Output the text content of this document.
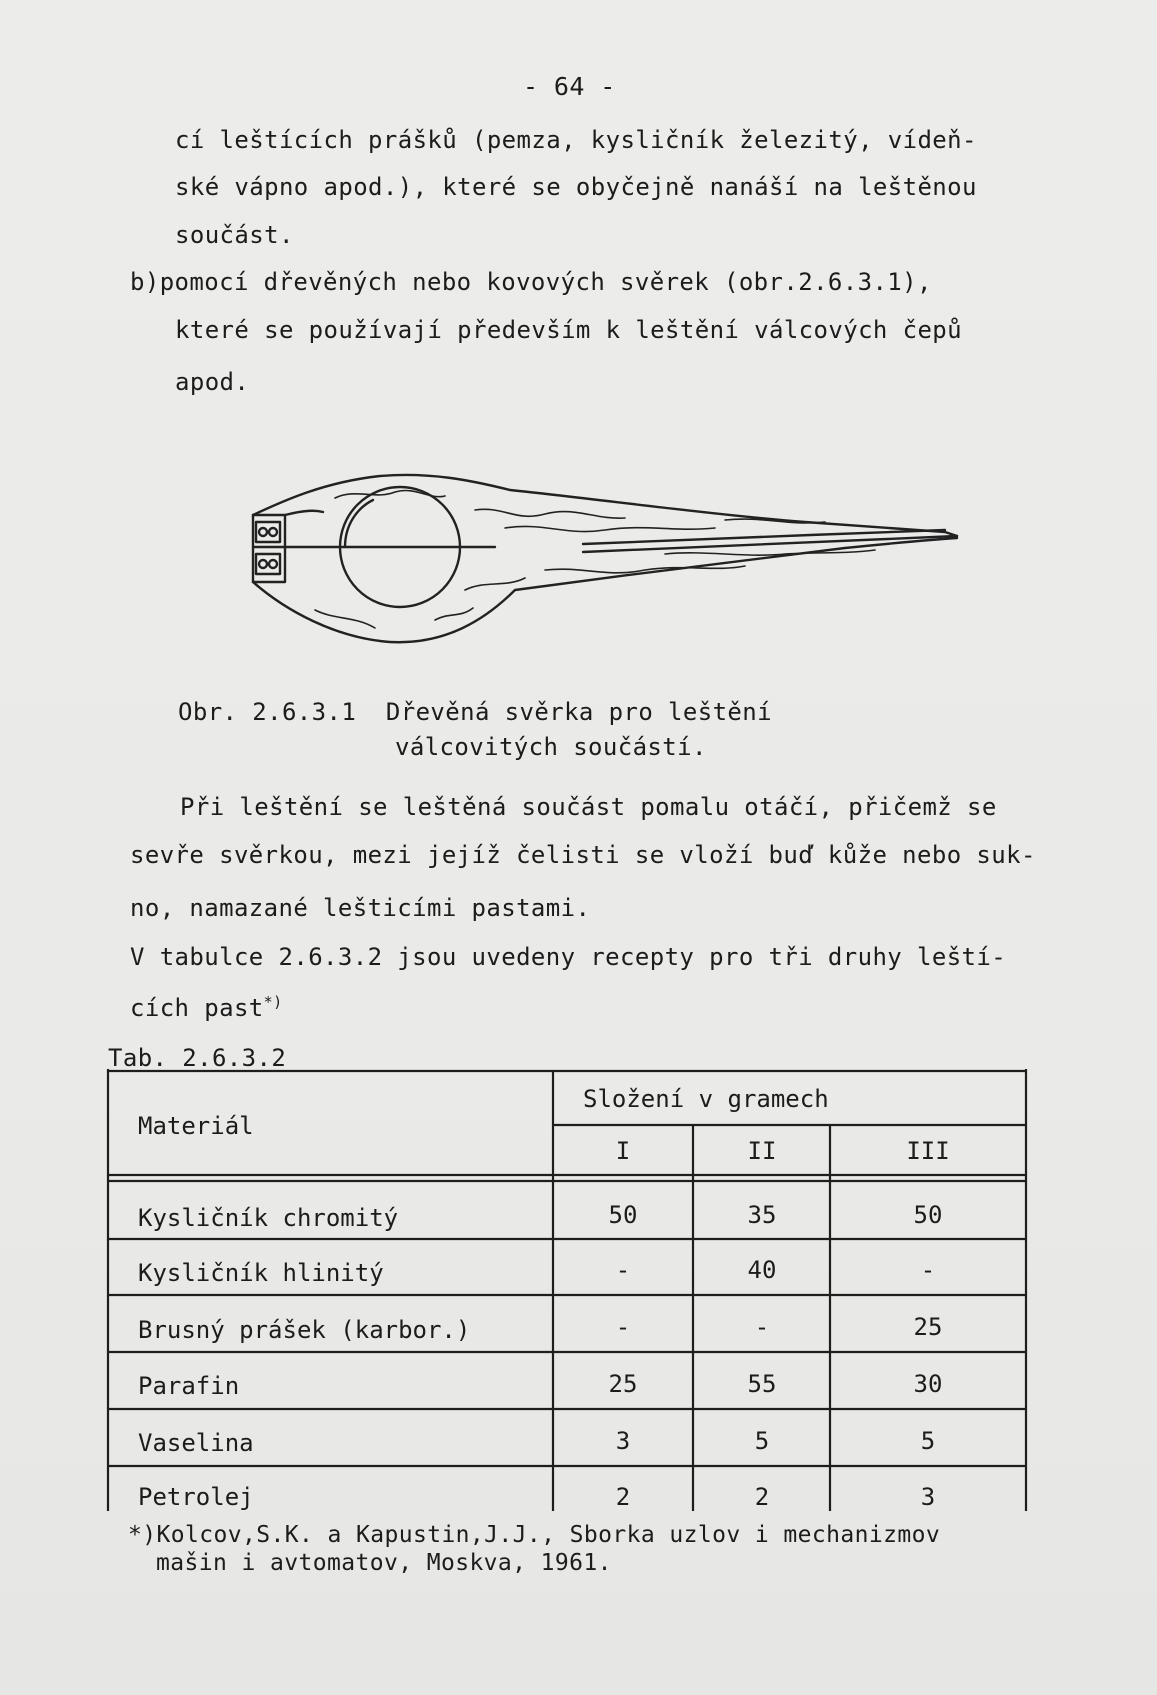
- 64 -
cí leštících prášků (pemza, kysličník železitý, vídeň-
ské vápno apod.), které se obyčejně nanáší na leštěnou
součást.
b)pomocí dřevěných nebo kovových svěrek (obr.2.6.3.1),
které se používají především k leštění válcových čepů
apod.
Obr. 2.6.3.1  Dřevěná svěrka pro leštění
válcovitých součástí.
Při leštění se leštěná součást pomalu otáčí, přičemž se
sevře svěrkou, mezi jejíž čelisti se vloží buď kůže nebo suk-
no, namazané lešticími pastami.
V tabulce 2.6.3.2 jsou uvedeny recepty pro tři druhy leští-
cích past*)
Tab. 2.6.3.2
Materiál
Složení v gramech
I	II	III
Kysličník chromitý	50	35	50
Kysličník hlinitý	-	40	-
Brusný prášek (karbor.)	-	-	25
Parafin	25	55	30
Vaselina	3	5	5
Petrolej	2	2	3
*)Kolcov,S.K. a Kapustin,J.J., Sborka uzlov i mechanizmov
mašin i avtomatov, Moskva, 1961.
